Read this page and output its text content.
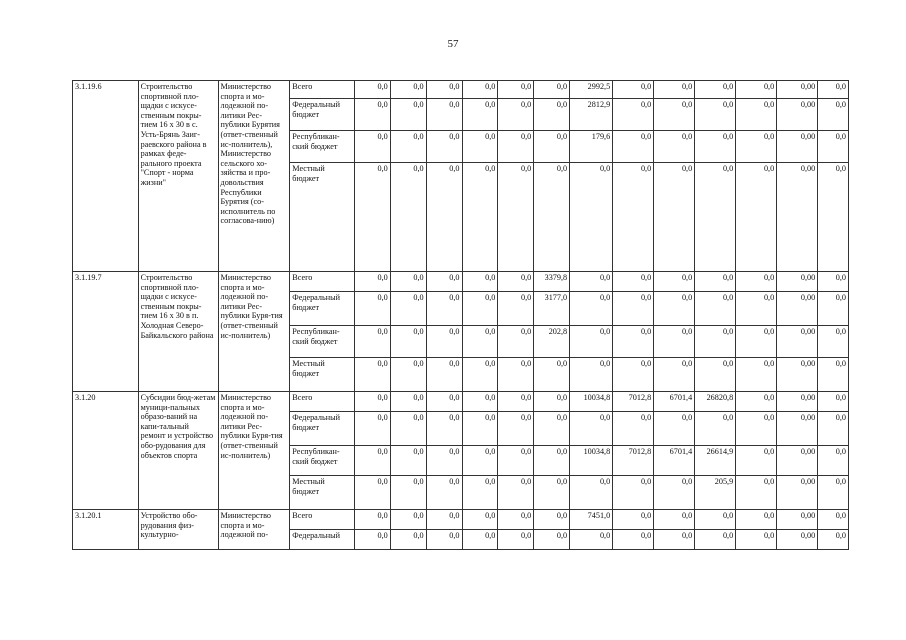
57
3.1.19.6	Строительство спортивной пло-щадки с искусе-ственным покры-тием 16 х 30 в с. Усть-Брянь Заиг-раевского района в рамках феде-рального проекта "Спорт - норма жизни"	Министерство спорта и мо-лодежной по-литики Рес-публики Бурятия (ответ-ственный ис-полнитель), Министерство сельского хо-зяйства и про-довольствия Республики Бурятия (со-исполнитель по согласова-нию)	Всего	0,0	0,0	0,0	0,0	0,0	0,0	2992,5	0,0	0,0	0,0	0,0	0,00	0,0
			Федеральный бюджет	0,0	0,0	0,0	0,0	0,0	0,0	2812,9	0,0	0,0	0,0	0,0	0,00	0,0
			Республикан-ский бюджет	0,0	0,0	0,0	0,0	0,0	0,0	179,6	0,0	0,0	0,0	0,0	0,00	0,0
			Местный бюджет	0,0	0,0	0,0	0,0	0,0	0,0	0,0	0,0	0,0	0,0	0,0	0,00	0,0
3.1.19.7	Строительство спортивной пло-щадки с искусе-ственным покры-тием 16 х 30 в п. Холодная Северо-Байкальского района	Министерство спорта и мо-лодежной по-литики Рес-публики Буря-тия (ответ-ственный ис-полнитель)	Всего	0,0	0,0	0,0	0,0	0,0	3379,8	0,0	0,0	0,0	0,0	0,0	0,00	0,0
			Федеральный бюджет	0,0	0,0	0,0	0,0	0,0	3177,0	0,0	0,0	0,0	0,0	0,0	0,00	0,0
			Республикан-ский бюджет	0,0	0,0	0,0	0,0	0,0	202,8	0,0	0,0	0,0	0,0	0,0	0,00	0,0
			Местный бюджет	0,0	0,0	0,0	0,0	0,0	0,0	0,0	0,0	0,0	0,0	0,0	0,00	0,0
3.1.20	Субсидии бюд-жетам муници-пальных образо-ваний на капи-тальный ремонт и устройство обо-рудования для объектов спорта	Министерство спорта и мо-лодежной по-литики Рес-публики Буря-тия (ответ-ственный ис-полнитель)	Всего	0,0	0,0	0,0	0,0	0,0	0,0	10034,8	7012,8	6701,4	26820,8	0,0	0,00	0,0
			Федеральный бюджет	0,0	0,0	0,0	0,0	0,0	0,0	0,0	0,0	0,0	0,0	0,0	0,00	0,0
			Республикан-ский бюджет	0,0	0,0	0,0	0,0	0,0	0,0	10034,8	7012,8	6701,4	26614,9	0,0	0,00	0,0
			Местный бюджет	0,0	0,0	0,0	0,0	0,0	0,0	0,0	0,0	0,0	205,9	0,0	0,00	0,0
3.1.20.1	Устройство обо-рудования физ-культурно-	Министерство спорта и мо-лодежной по-	Всего	0,0	0,0	0,0	0,0	0,0	0,0	7451,0	0,0	0,0	0,0	0,0	0,00	0,0
			Федеральный	0,0	0,0	0,0	0,0	0,0	0,0	0,0	0,0	0,0	0,0	0,0	0,00	0,0
